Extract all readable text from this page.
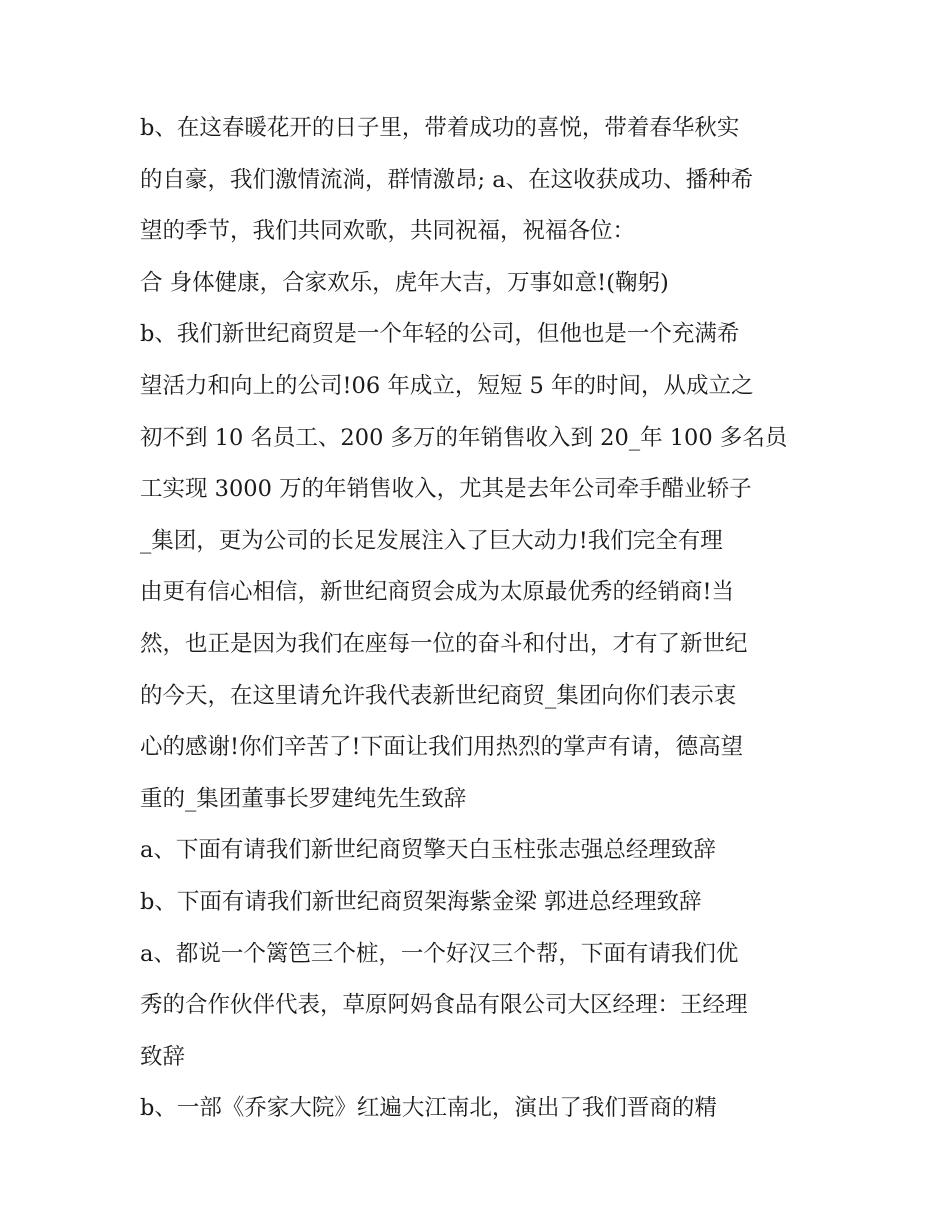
b、在这春暖花开的日子里，带着成功的喜悦，带着春华秋实
的自豪，我们激情流淌，群情激昂; a、在这收获成功、播种希
望的季节，我们共同欢歌，共同祝福，祝福各位：
合 身体健康，合家欢乐，虎年大吉，万事如意!(鞠躬)
b、我们新世纪商贸是一个年轻的公司，但他也是一个充满希
望活力和向上的公司!06 年成立，短短 5 年的时间，从成立之
初不到 10 名员工、200 多万的年销售收入到 20_年 100 多名员
工实现 3000 万的年销售收入，尤其是去年公司牵手醋业轿子
_集团，更为公司的长足发展注入了巨大动力!我们完全有理
由更有信心相信，新世纪商贸会成为太原最优秀的经销商!当
然，也正是因为我们在座每一位的奋斗和付出，才有了新世纪
的今天，在这里请允许我代表新世纪商贸_集团向你们表示衷
心的感谢!你们辛苦了!下面让我们用热烈的掌声有请，德高望
重的_集团董事长罗建纯先生致辞
a、下面有请我们新世纪商贸擎天白玉柱张志强总经理致辞
b、下面有请我们新世纪商贸架海紫金梁 郭进总经理致辞
a、都说一个篱笆三个桩，一个好汉三个帮，下面有请我们优
秀的合作伙伴代表，草原阿妈食品有限公司大区经理：王经理
致辞
b、一部《乔家大院》红遍大江南北，演出了我们晋商的精
